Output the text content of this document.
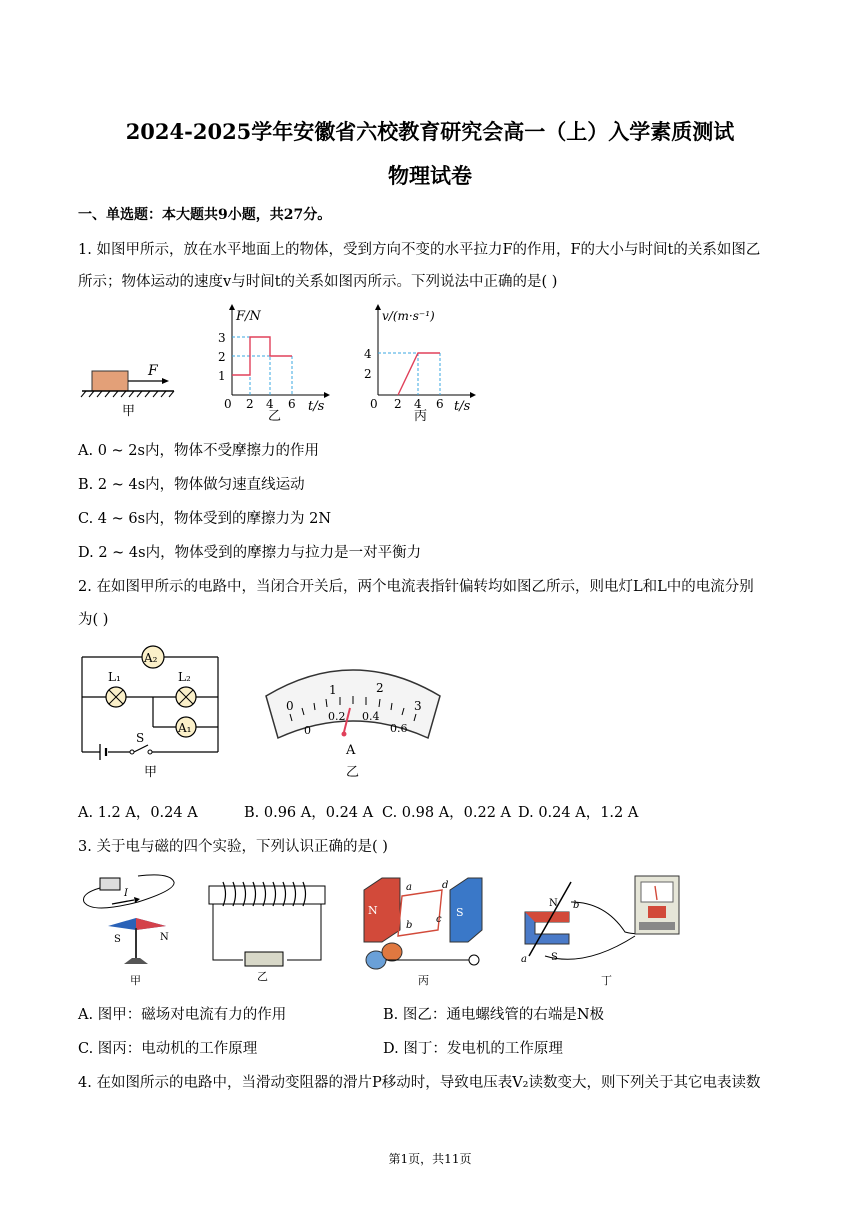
2024-2025学年安徽省六校教育研究会高一（上）入学素质测试
物理试卷
一、单选题：本大题共9小题，共27分。
1. 如图甲所示，放在水平地面上的物体，受到方向不变的水平拉力F的作用，F的大小与时间t的关系如图乙
所示；物体运动的速度v与时间t的关系如图丙所示。下列说法中正确的是( )
F
甲
F/N
t/s
1
2
3
0 2 4 6
乙
v/(m·s⁻¹)
t/s
2
4
0 2 4 6
丙
A. 0 ~ 2s内，物体不受摩擦力的作用
B. 2 ~ 4s内，物体做匀速直线运动
C. 4 ~ 6s内，物体受到的摩擦力为 2N
D. 2 ~ 4s内，物体受到的摩擦力与拉力是一对平衡力
2. 在如图甲所示的电路中，当闭合开关后，两个电流表指针偏转均如图乙所示，则电灯L和L中的电流分别
为( )
A₂
A₁
L₁	L₂
S
甲
0
1	2
3
0
0.2 0.4
0.6
A
乙
A. 1.2 A，0.24 A	B. 0.96 A，0.24 A C. 0.98 A，0.22 A D. 0.24 A，1.2 A
3. 关于电与磁的四个实验，下列认识正确的是( )
I
S	N
甲	乙
N	S
a
b
c
d
丙
N
S
a
b
丁
A. 图甲：磁场对电流有力的作用	B. 图乙：通电螺线管的右端是N极
C. 图丙：电动机的工作原理	D. 图丁：发电机的工作原理
4. 在如图所示的电路中，当滑动变阻器的滑片P移动时，导致电压表V₂读数变大，则下列关于其它电表读数
第1页，共11页
